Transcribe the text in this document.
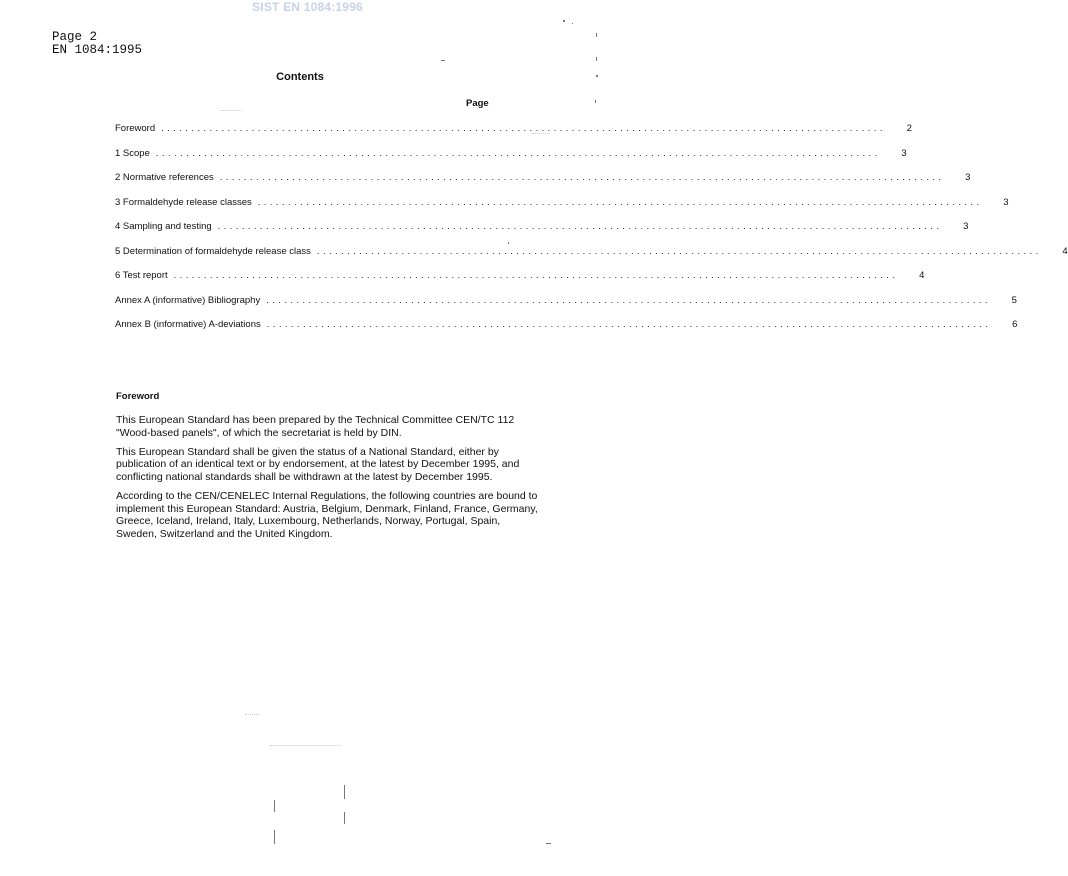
SIST EN 1084:1996
Page 2
EN 1084:1995
Contents
Page
Foreword ........................................................................................................................	2
1 Scope ........................................................................................................................	3
2 Normative references ........................................................................................................................	3
3 Formaldehyde release classes ........................................................................................................................	3
4 Sampling and testing ........................................................................................................................	3
5 Determination of formaldehyde release class ........................................................................................................................	4
6 Test report ........................................................................................................................	4
Annex A (informative) Bibliography ........................................................................................................................	5
Annex B (informative) A-deviations ........................................................................................................................	6
Foreword

This European Standard has been prepared by the Technical Committee CEN/TC 112 "Wood-based panels", of which the secretariat is held by DIN.

This European Standard shall be given the status of a National Standard, either by publication of an identical text or by endorsement, at the latest by December 1995, and conflicting national standards shall be withdrawn at the latest by December 1995.

According to the CEN/CENELEC Internal Regulations, the following countries are bound to implement this European Standard: Austria, Belgium, Denmark, Finland, France, Germany, Greece, Iceland, Ireland, Italy, Luxembourg, Netherlands, Norway, Portugal, Spain, Sweden, Switzerland and the United Kingdom.
